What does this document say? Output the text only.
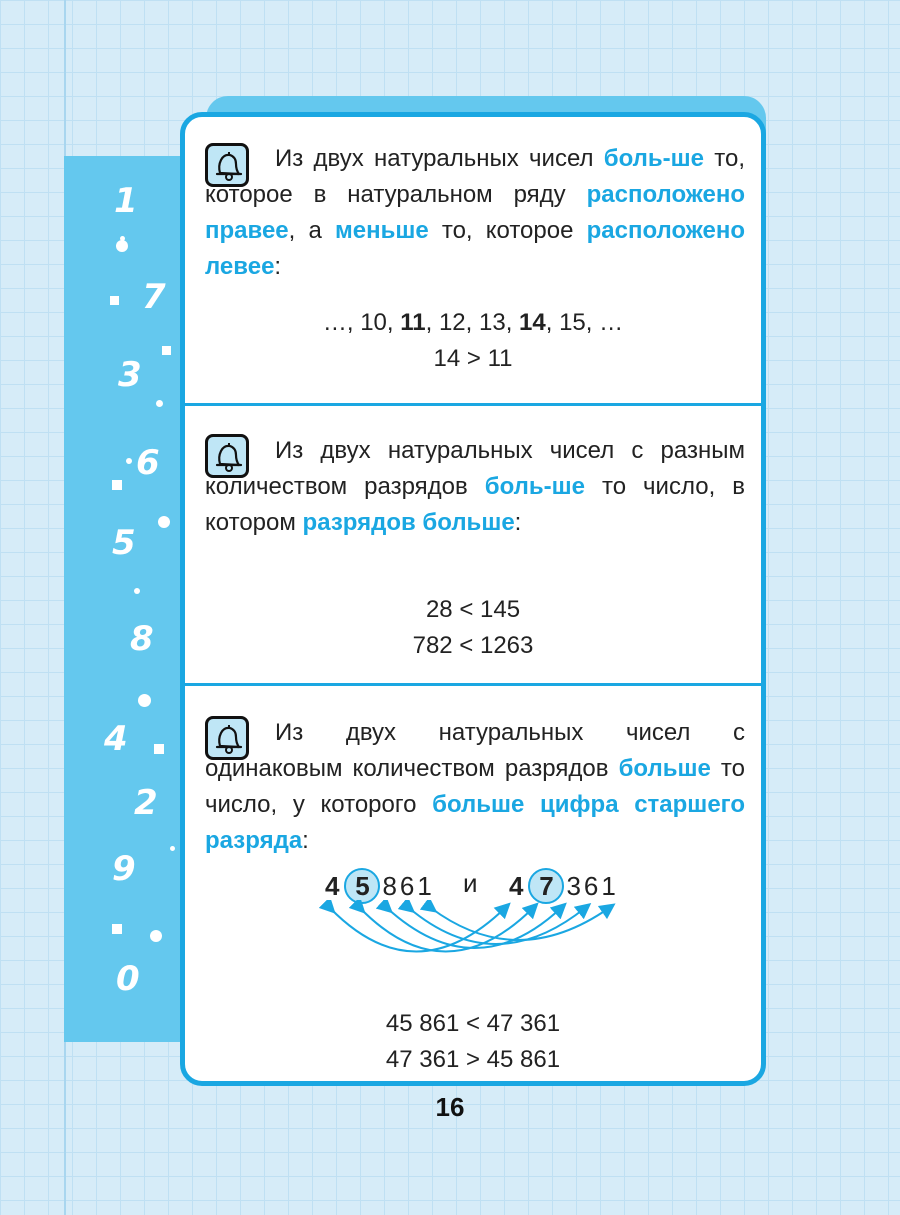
1
7
3
6
5
8
4
2
9
0

Из двух натуральных чисел боль-ше то, которое в натуральном ряду расположено правее, а меньше то, которое расположено левее:

…, 10, 11, 12, 13, 14, 15, …
14 > 11

Из двух натуральных чисел с разным количеством разрядов боль-ше то число, в котором разрядов больше:

28 < 145
782 < 1263

Из двух натуральных чисел с одинаковым количеством разрядов больше то число, у которого больше цифра старшего разряда:

4 5 861 и 4 7 361
45 861 < 47 361
47 361 > 45 861
16
